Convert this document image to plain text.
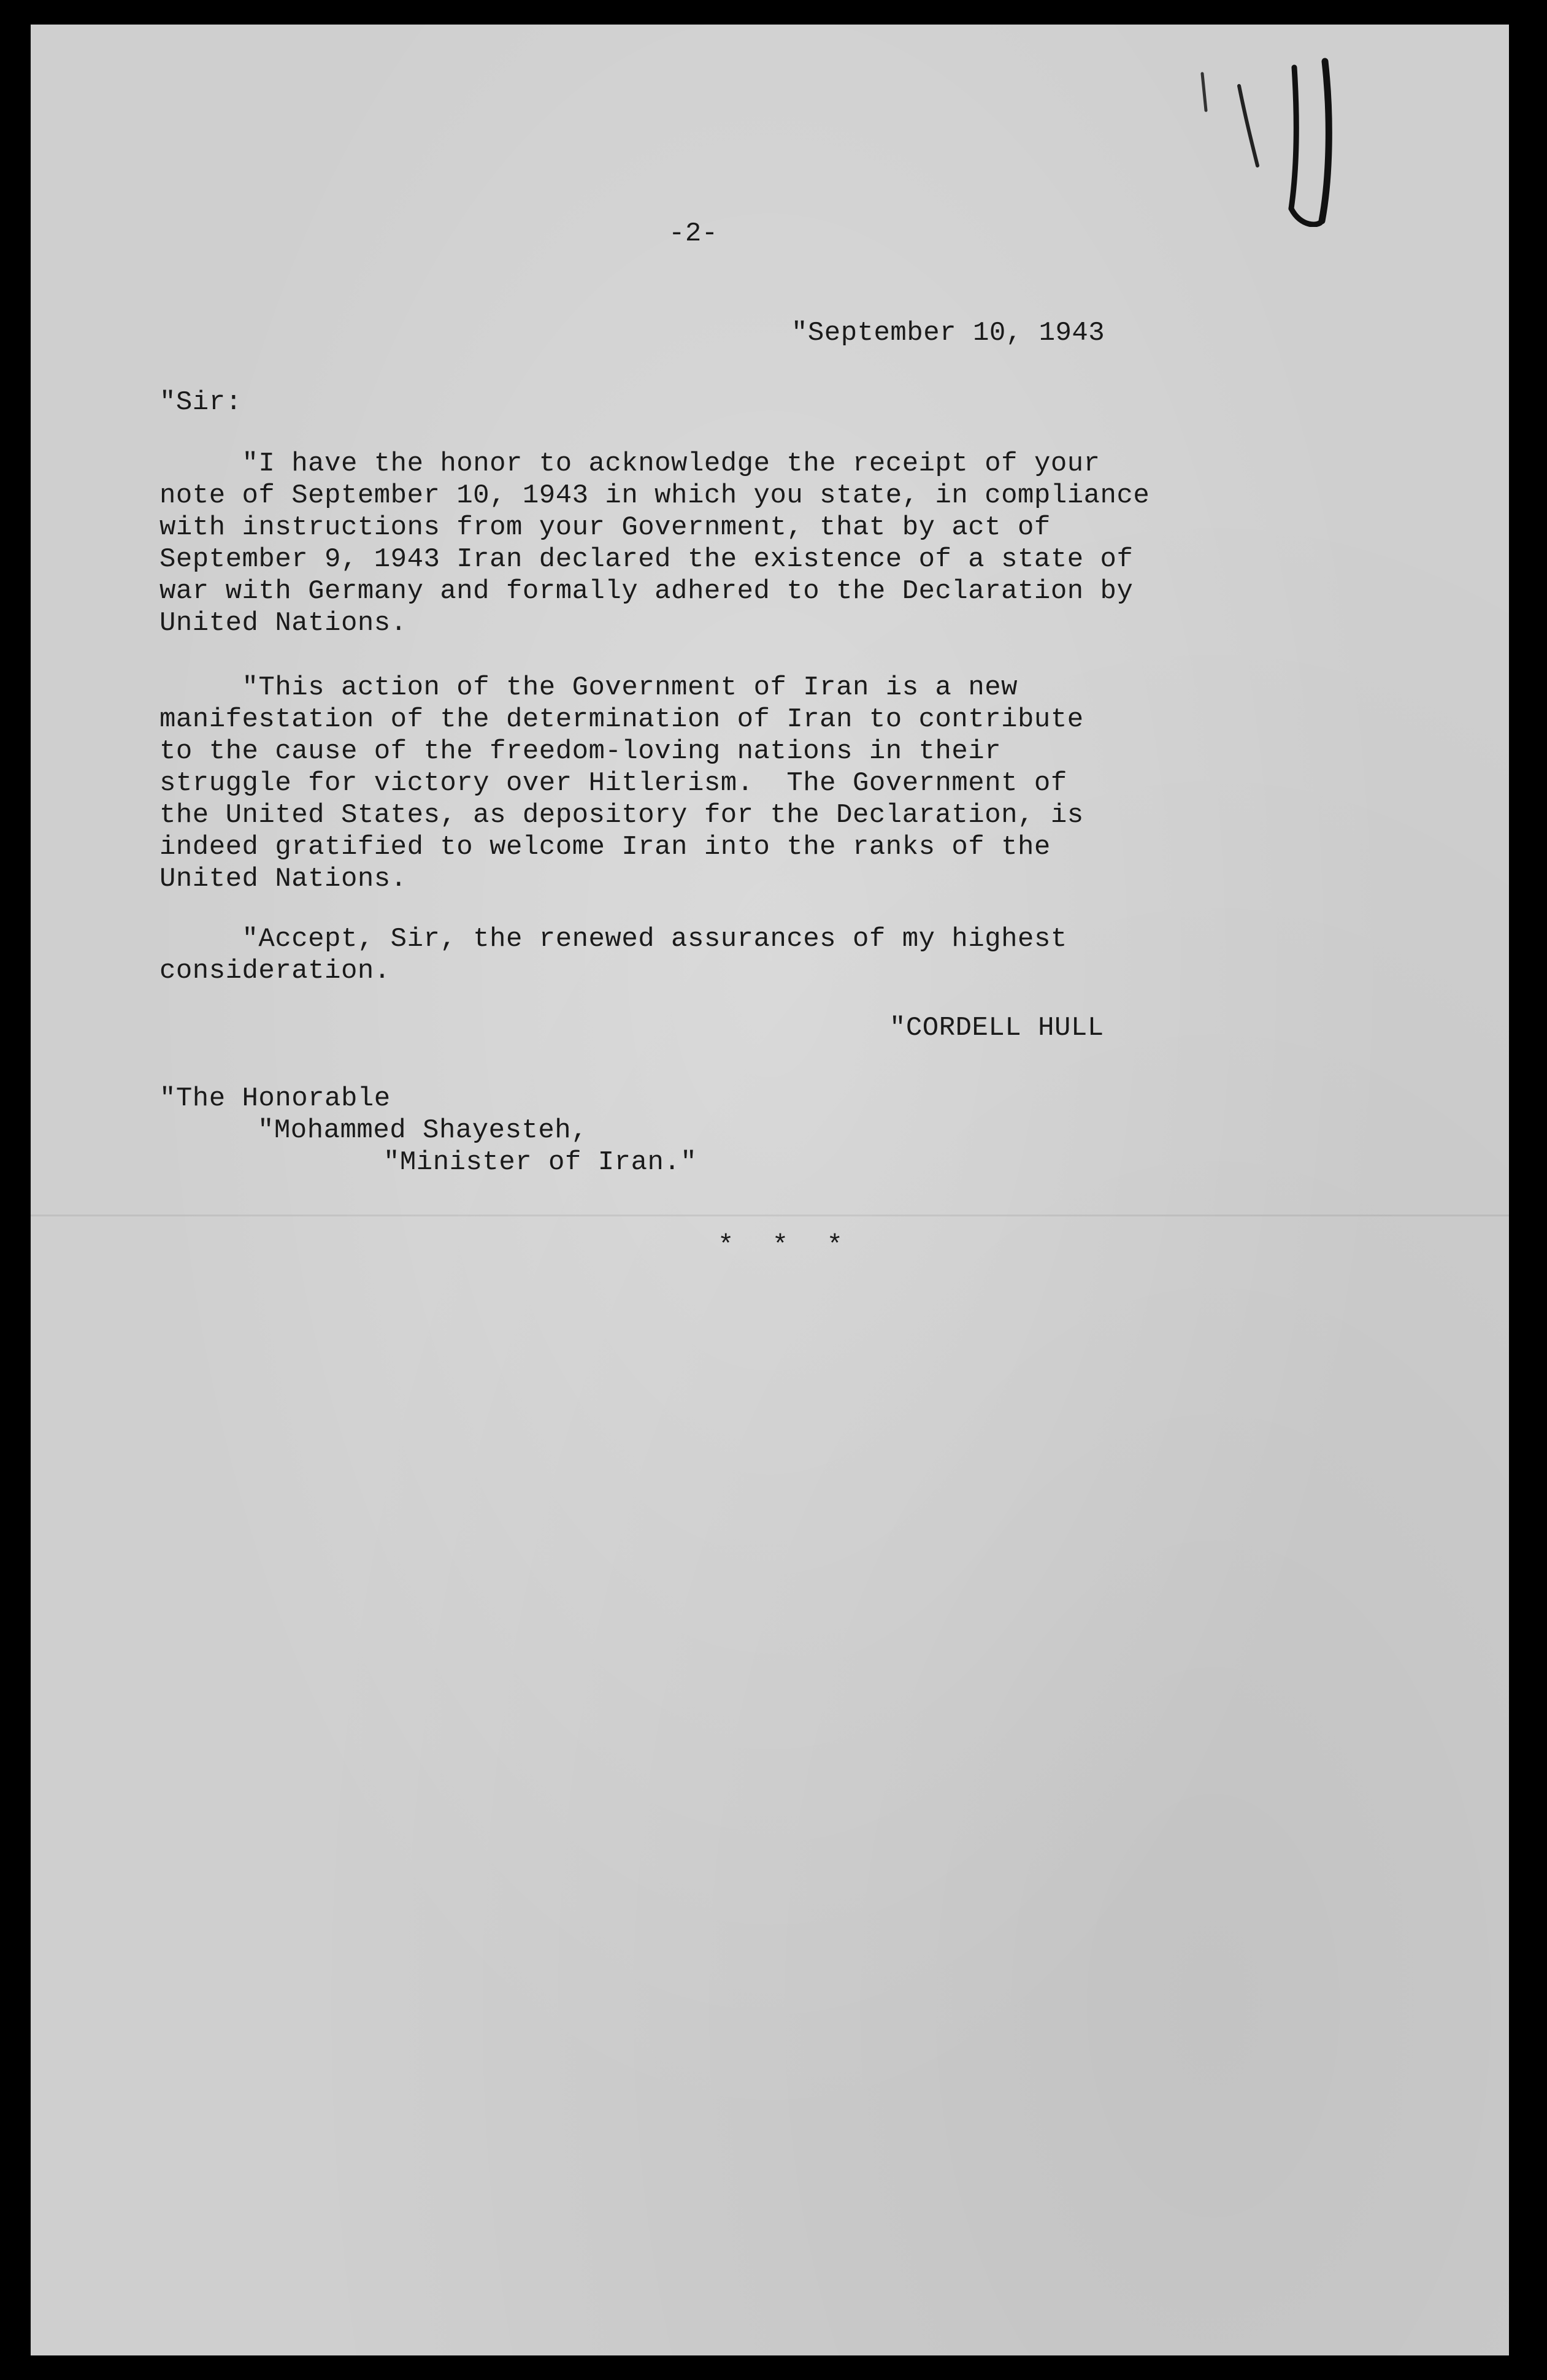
-2-
"September 10, 1943
"Sir:
"I have the honor to acknowledge the receipt of your
note of September 10, 1943 in which you state, in compliance
with instructions from your Government, that by act of
September 9, 1943 Iran declared the existence of a state of
war with Germany and formally adhered to the Declaration by
United Nations.
"This action of the Government of Iran is a new
manifestation of the determination of Iran to contribute
to the cause of the freedom-loving nations in their
struggle for victory over Hitlerism.  The Government of
the United States, as depository for the Declaration, is
indeed gratified to welcome Iran into the ranks of the
United Nations.
"Accept, Sir, the renewed assurances of my highest
consideration.
"CORDELL HULL
"The Honorable
"Mohammed Shayesteh,
"Minister of Iran."
* * *
